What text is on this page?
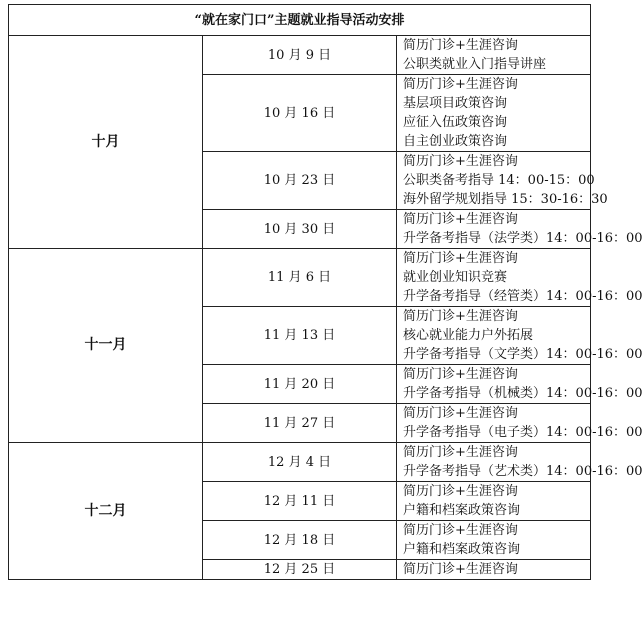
“就在家门口”主题就业指导活动安排		
十月	10 月 9 日	简历门诊+生涯咨询
公职类就业入门指导讲座

	10 月 16 日	简历门诊+生涯咨询
基层项目政策咨询
应征入伍政策咨询
自主创业政策咨询

	10 月 23 日	简历门诊+生涯咨询
公职类备考指导 14：00-15：00
海外留学规划指导 15：30-16：30

	10 月 30 日	简历门诊+生涯咨询
升学备考指导（法学类）14：00-16：00

十一月	11 月 6 日	简历门诊+生涯咨询
就业创业知识竞赛
升学备考指导（经管类）14：00-16：00

	11 月 13 日	简历门诊+生涯咨询
核心就业能力户外拓展
升学备考指导（文学类）14：00-16：00

	11 月 20 日	简历门诊+生涯咨询
升学备考指导（机械类）14：00-16：00

	11 月 27 日	简历门诊+生涯咨询
升学备考指导（电子类）14：00-16：00

十二月	12 月 4 日	简历门诊+生涯咨询
升学备考指导（艺术类）14：00-16：00

	12 月 11 日	简历门诊+生涯咨询
户籍和档案政策咨询

	12 月 18 日	简历门诊+生涯咨询
户籍和档案政策咨询

	12 月 25 日	简历门诊+生涯咨询
